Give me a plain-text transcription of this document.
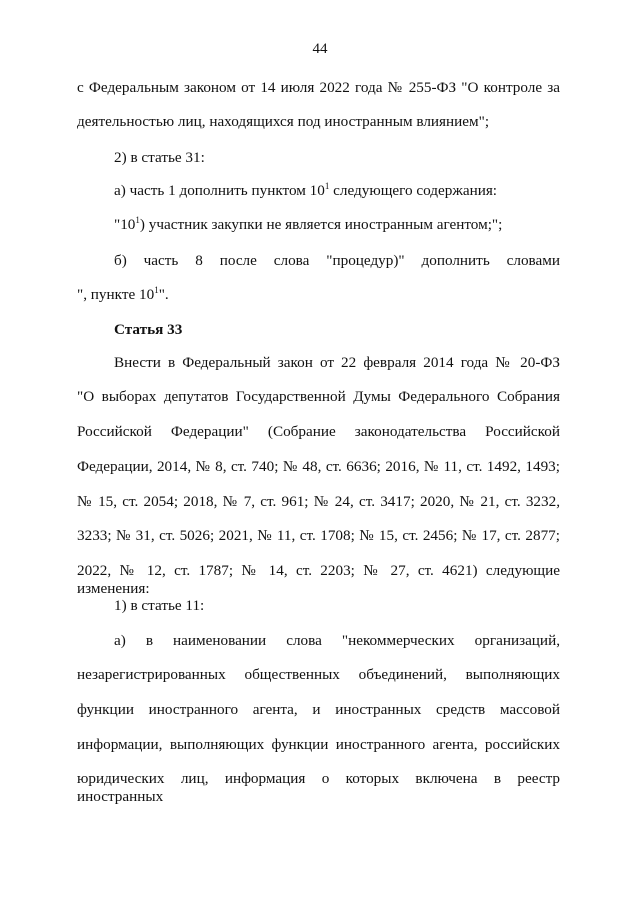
44
с Федеральным законом от 14 июля 2022 года № 255-ФЗ "О контроле за
деятельностью лиц, находящихся под иностранным влиянием";
2) в статье 31:
а) часть 1 дополнить пунктом $10^1$ следующего содержания:
"$10^1$) участник закупки не является иностранным агентом;";
б) часть 8 после слова "процедур)" дополнить словами
", пункте $10^1$".
Статья 33
Внести в Федеральный закон от 22 февраля 2014 года № 20-ФЗ
"О выборах депутатов Государственной Думы Федерального Собрания
Российской Федерации" (Собрание законодательства Российской
Федерации, 2014, № 8, ст. 740; № 48, ст. 6636; 2016, № 11, ст. 1492, 1493;
№ 15, ст. 2054; 2018, № 7, ст. 961; № 24, ст. 3417; 2020, № 21, ст. 3232,
3233; № 31, ст. 5026; 2021, № 11, ст. 1708; № 15, ст. 2456; № 17, ст. 2877;
2022, № 12, ст. 1787; № 14, ст. 2203; № 27, ст. 4621) следующие изменения:
1) в статье 11:
а) в наименовании слова "некоммерческих организаций,
незарегистрированных общественных объединений, выполняющих
функции иностранного агента, и иностранных средств массовой
информации, выполняющих функции иностранного агента, российских
юридических лиц, информация о которых включена в реестр иностранных
